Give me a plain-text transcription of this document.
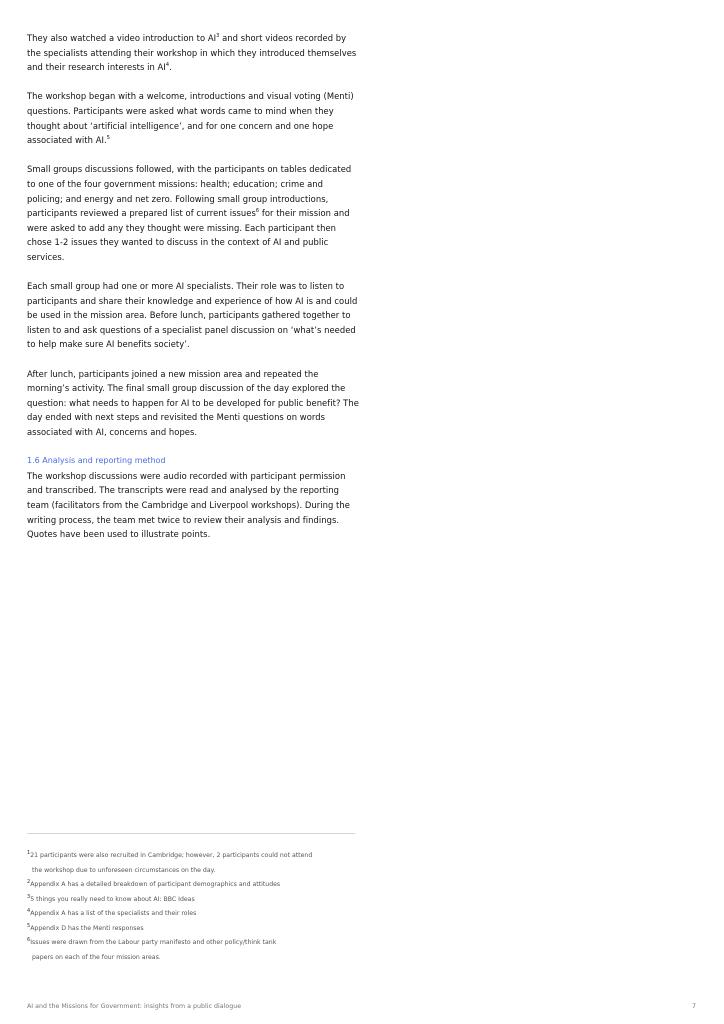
They also watched a video introduction to $AI^3$ and short videos recorded by the specialists attending their workshop in which they introduced themselves and their research interests in $AI^4$.

The workshop began with a welcome, introductions and visual voting (Menti) questions. Participants were asked what words came to mind when they thought about ‘artificial intelligence’, and for one concern and one hope associated with AI.$^5$

Small groups discussions followed, with the participants on tables dedicated to one of the four government missions: health; education; crime and policing; and energy and net zero. Following small group introductions, participants reviewed a prepared list of current issues$^6$ for their mission and were asked to add any they thought were missing. Each participant then chose 1-2 issues they wanted to discuss in the context of AI and public services.

Each small group had one or more AI specialists. Their role was to listen to participants and share their knowledge and experience of how AI is and could be used in the mission area. Before lunch, participants gathered together to listen to and ask questions of a specialist panel discussion on ‘what’s needed to help make sure AI benefits society’.

After lunch, participants joined a new mission area and repeated the morning’s activity. The final small group discussion of the day explored the question: what needs to happen for AI to be developed for public benefit? The day ended with next steps and revisited the Menti questions on words associated with AI, concerns and hopes.

1.6 Analysis and reporting method

The workshop discussions were audio recorded with participant permission and transcribed. The transcripts were read and analysed by the reporting team (facilitators from the Cambridge and Liverpool workshops). During the writing process, the team met twice to review their analysis and findings. Quotes have been used to illustrate points.

$^1$21 participants were also recruited in Cambridge; however, 2 participants could not attend
the workshop due to unforeseen circumstances on the day.

$^2$Appendix A has a detailed breakdown of participant demographics and attitudes

$^3$5 things you really need to know about AI: BBC Ideas

$^4$Appendix A has a list of the specialists and their roles

$^5$Appendix D has the Menti responses

$^6$Issues were drawn from the Labour party manifesto and other policy/think tank
papers on each of the four mission areas.

AI and the Missions for Government: insights from a public dialogue	7
